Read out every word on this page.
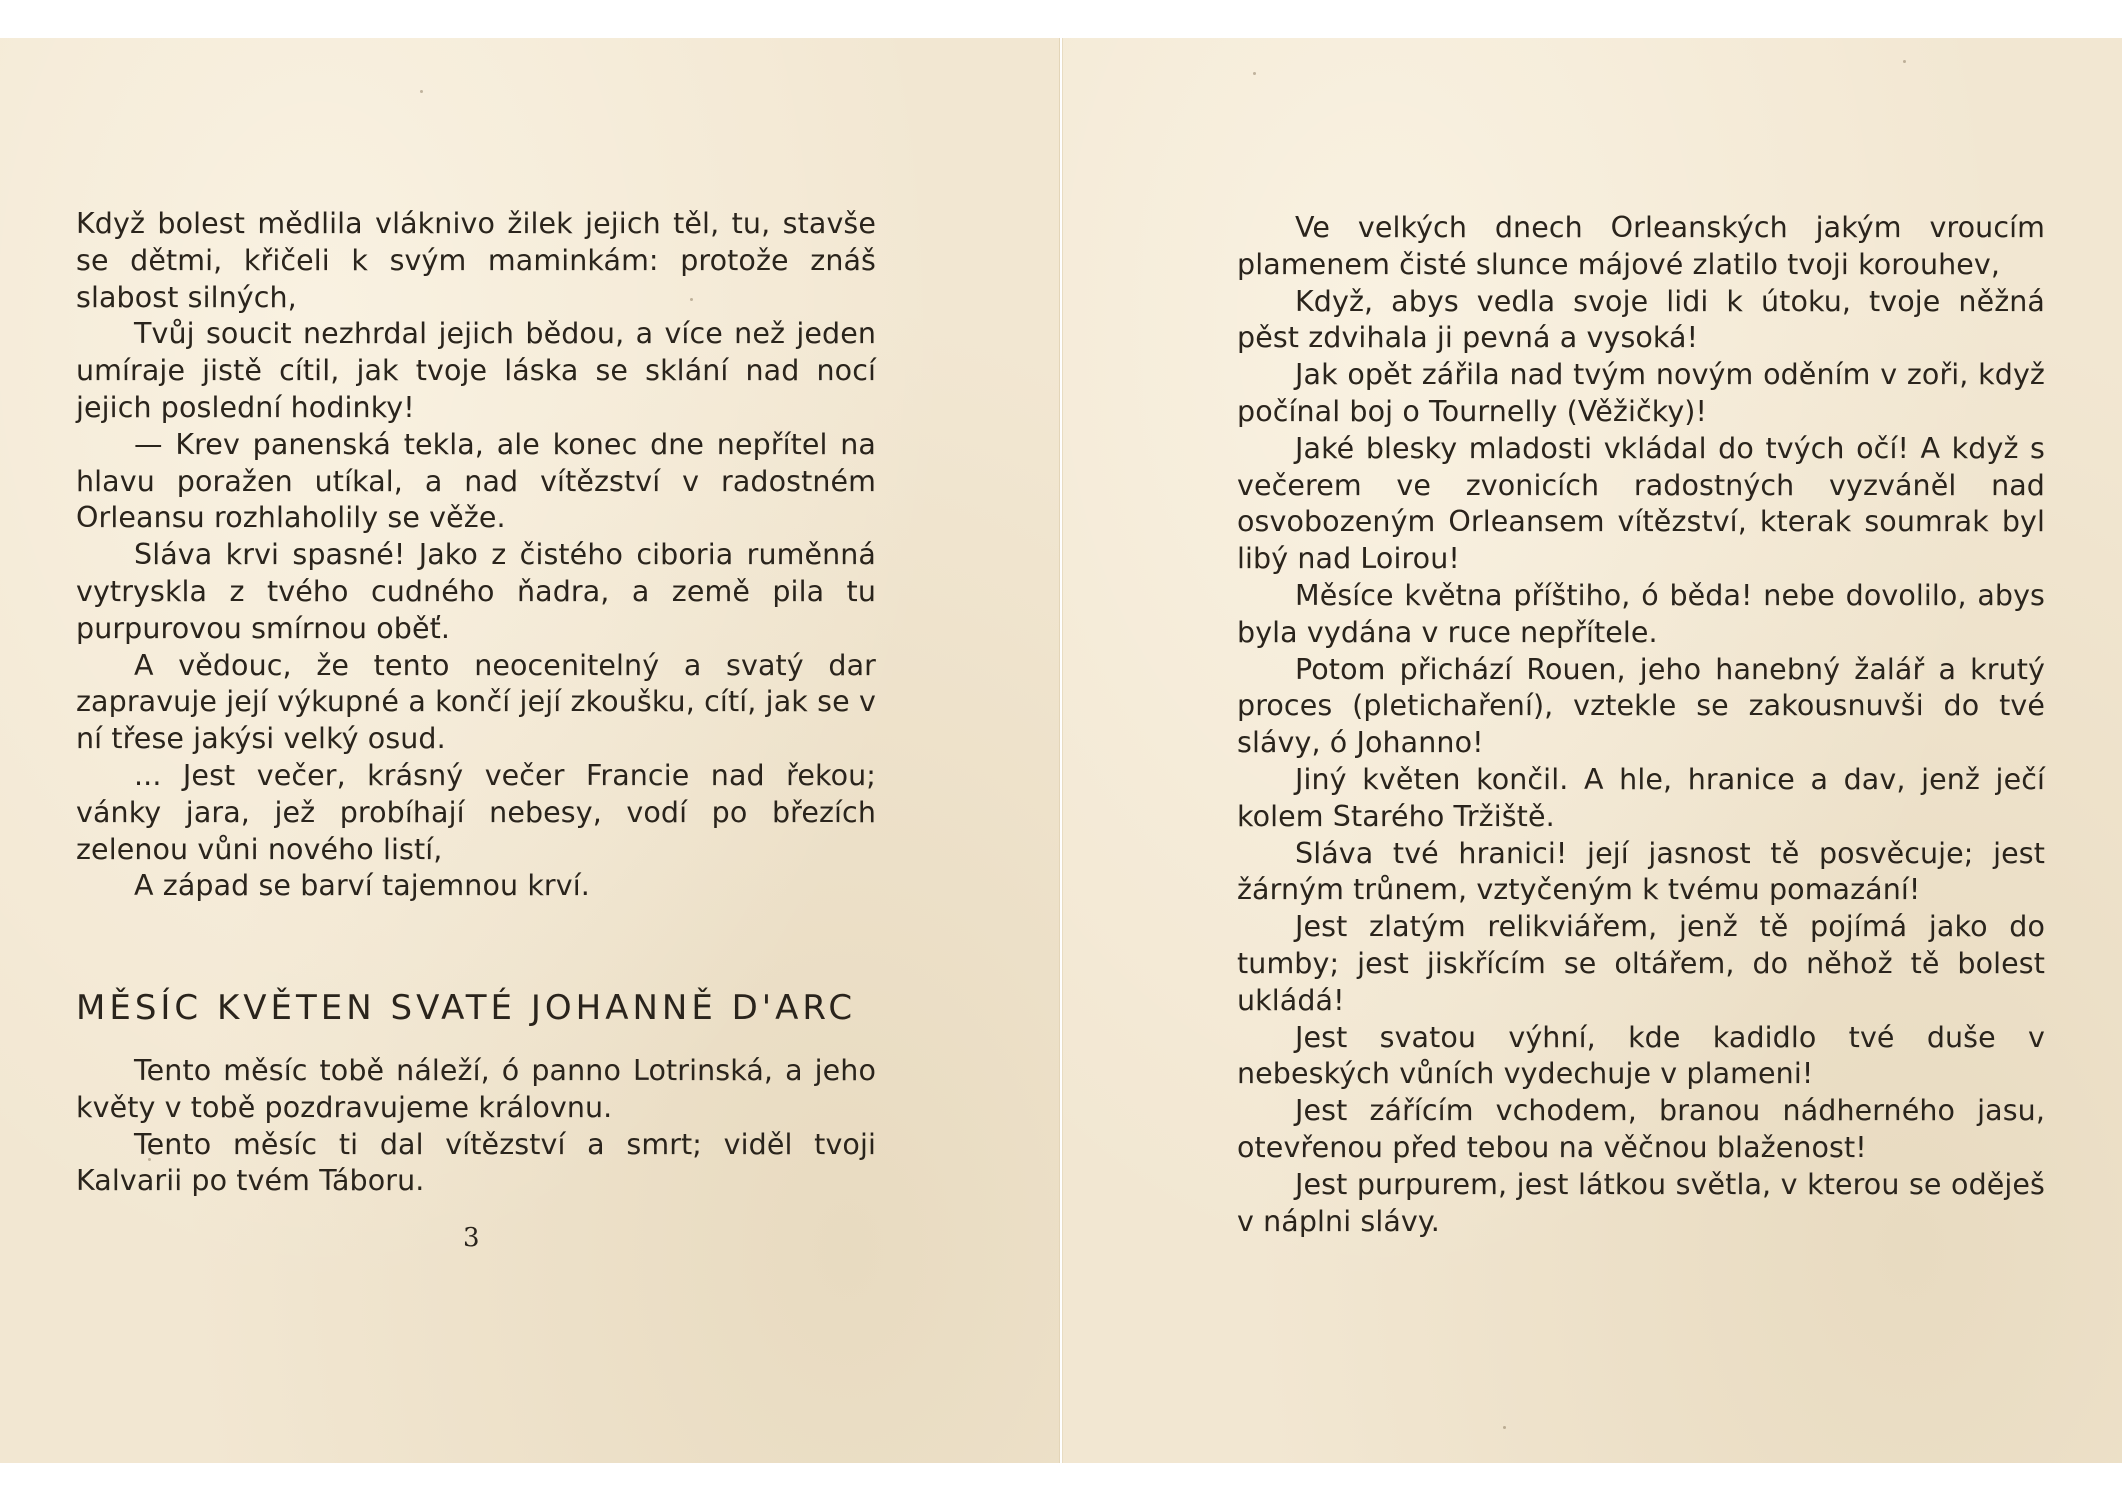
Když bolest mědlila vláknivo žilek jejich těl, tu, stavše se dětmi, křičeli k svým maminkám: protože znáš slabost silných,

Tvůj soucit nezhrdal jejich bědou, a více než jeden umíraje jistě cítil, jak tvoje láska se sklání nad nocí jejich poslední hodinky!

— Krev panenská tekla, ale konec dne nepřítel na hlavu poražen utíkal, a nad vítězství v radostném Orleansu rozhlaholily se věže.

Sláva krvi spasné! Jako z čistého ciboria ruměnná vytryskla z tvého cudného ňadra, a země pila tu purpurovou smírnou oběť.

A vědouc, že tento neocenitelný a svatý dar zapravuje její výkupné a končí její zkoušku, cítí, jak se v ní třese jakýsi velký osud.

... Jest večer, krásný večer Francie nad řekou; vánky jara, jež probíhají nebesy, vodí po březích zelenou vůni nového listí,

A západ se barví tajemnou krví.

MĚSÍC KVĚTEN SVATÉ JOHANNĚ D'ARC

Tento měsíc tobě náleží, ó panno Lotrinská, a jeho květy v tobě pozdravujeme královnu.

Tento měsíc ti dal vítězství a smrt; viděl tvoji Kalvarii po tvém Táboru.

3

Ve velkých dnech Orleanských jakým vroucím plamenem čisté slunce májové zlatilo tvoji korouhev,

Když, abys vedla svoje lidi k útoku, tvoje něžná pěst zdvihala ji pevná a vysoká!

Jak opět zářila nad tvým novým oděním v zoři, když počínal boj o Tournelly (Věžičky)!

Jaké blesky mladosti vkládal do tvých očí! A když s večerem ve zvonicích radostných vyzváněl nad osvobozeným Orleansem vítězství, kterak soumrak byl libý nad Loirou!

Měsíce květnа příštiho, ó běda! nebe dovolilo, abys byla vydána v ruce nepřítele.

Potom přichází Rouen, jeho hanebný žalář a krutý proces (pletichaření), vztekle se zakousnuvši do tvé slávy, ó Johanno!

Jiný květen končil. A hle, hranice a dav, jenž ječí kolem Starého Tržiště.

Sláva tvé hranici! její jasnost tě posvěcuje; jest žárným trůnem, vztyčeným k tvému pomazání!

Jest zlatým relikviářem, jenž tě pojímá jako do tumby; jest jiskřícím se oltářem, do něhož tě bolest ukládá!

Jest svatou výhní, kde kadidlo tvé duše v nebeských vůních vydechuje v plameni!

Jest zářícím vchodem, branou nádherného jasu, otevřenou před tebou na věčnou blaženost!

Jest purpurem, jest látkou světla, v kterou se oděješ v náplni slávy.
